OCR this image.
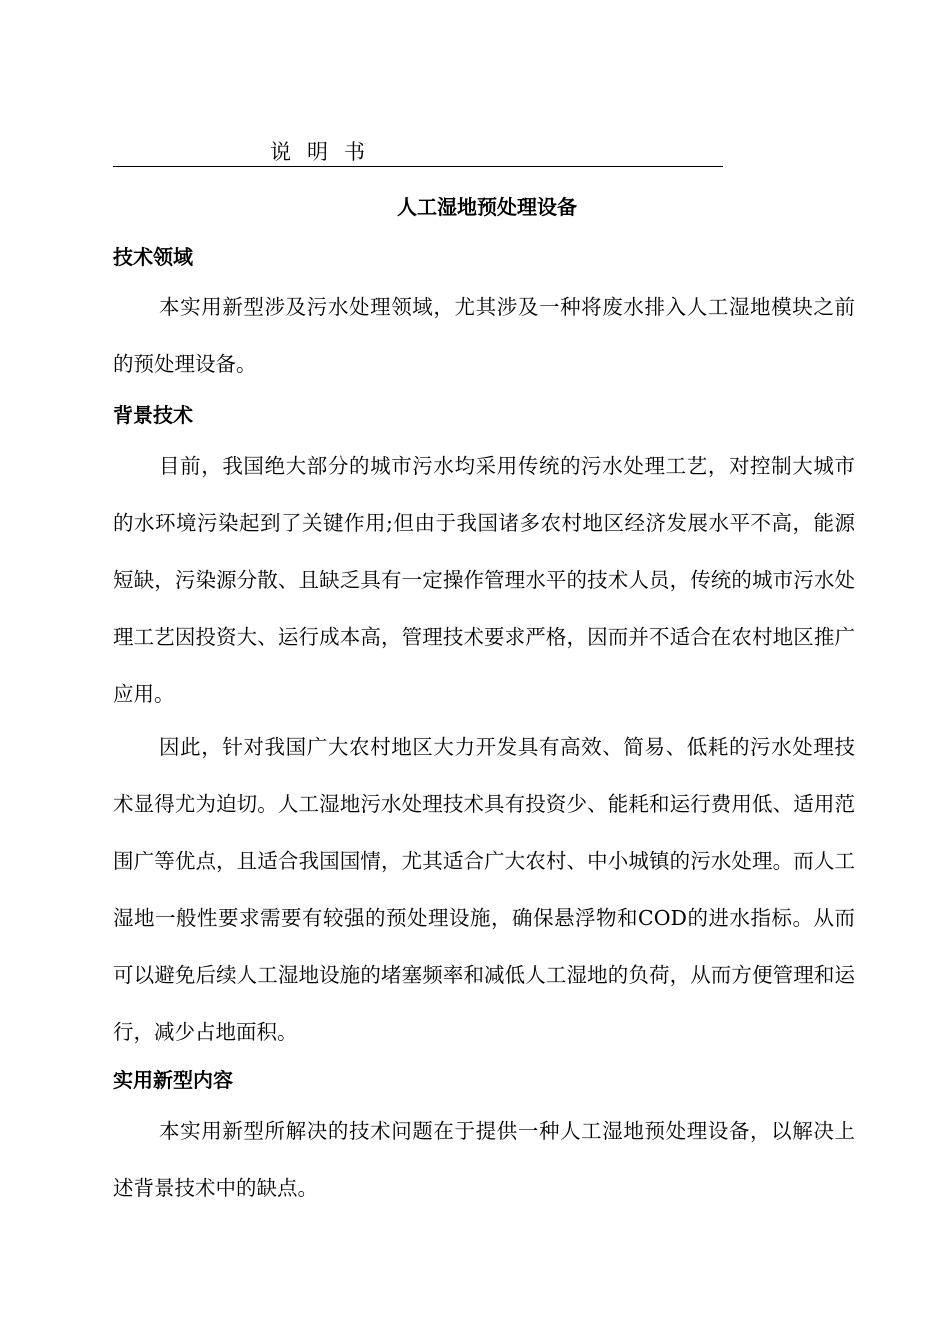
说明书
人工湿地预处理设备
技术领域

本实用新型涉及污水处理领域，尤其涉及一种将废水排入人工湿地模块之前的预处理设备。

背景技术

目前，我国绝大部分的城市污水均采用传统的污水处理工艺，对控制大城市的水环境污染起到了关键作用;但由于我国诸多农村地区经济发展水平不高，能源短缺，污染源分散、且缺乏具有一定操作管理水平的技术人员，传统的城市污水处理工艺因投资大、运行成本高，管理技术要求严格，因而并不适合在农村地区推广应用。

因此，针对我国广大农村地区大力开发具有高效、简易、低耗的污水处理技术显得尤为迫切。人工湿地污水处理技术具有投资少、能耗和运行费用低、适用范围广等优点，且适合我国国情，尤其适合广大农村、中小城镇的污水处理。而人工湿地一般性要求需要有较强的预处理设施，确保悬浮物和COD的进水指标。从而可以避免后续人工湿地设施的堵塞频率和减低人工湿地的负荷，从而方便管理和运行，减少占地面积。

实用新型内容

本实用新型所解决的技术问题在于提供一种人工湿地预处理设备，以解决上述背景技术中的缺点。
